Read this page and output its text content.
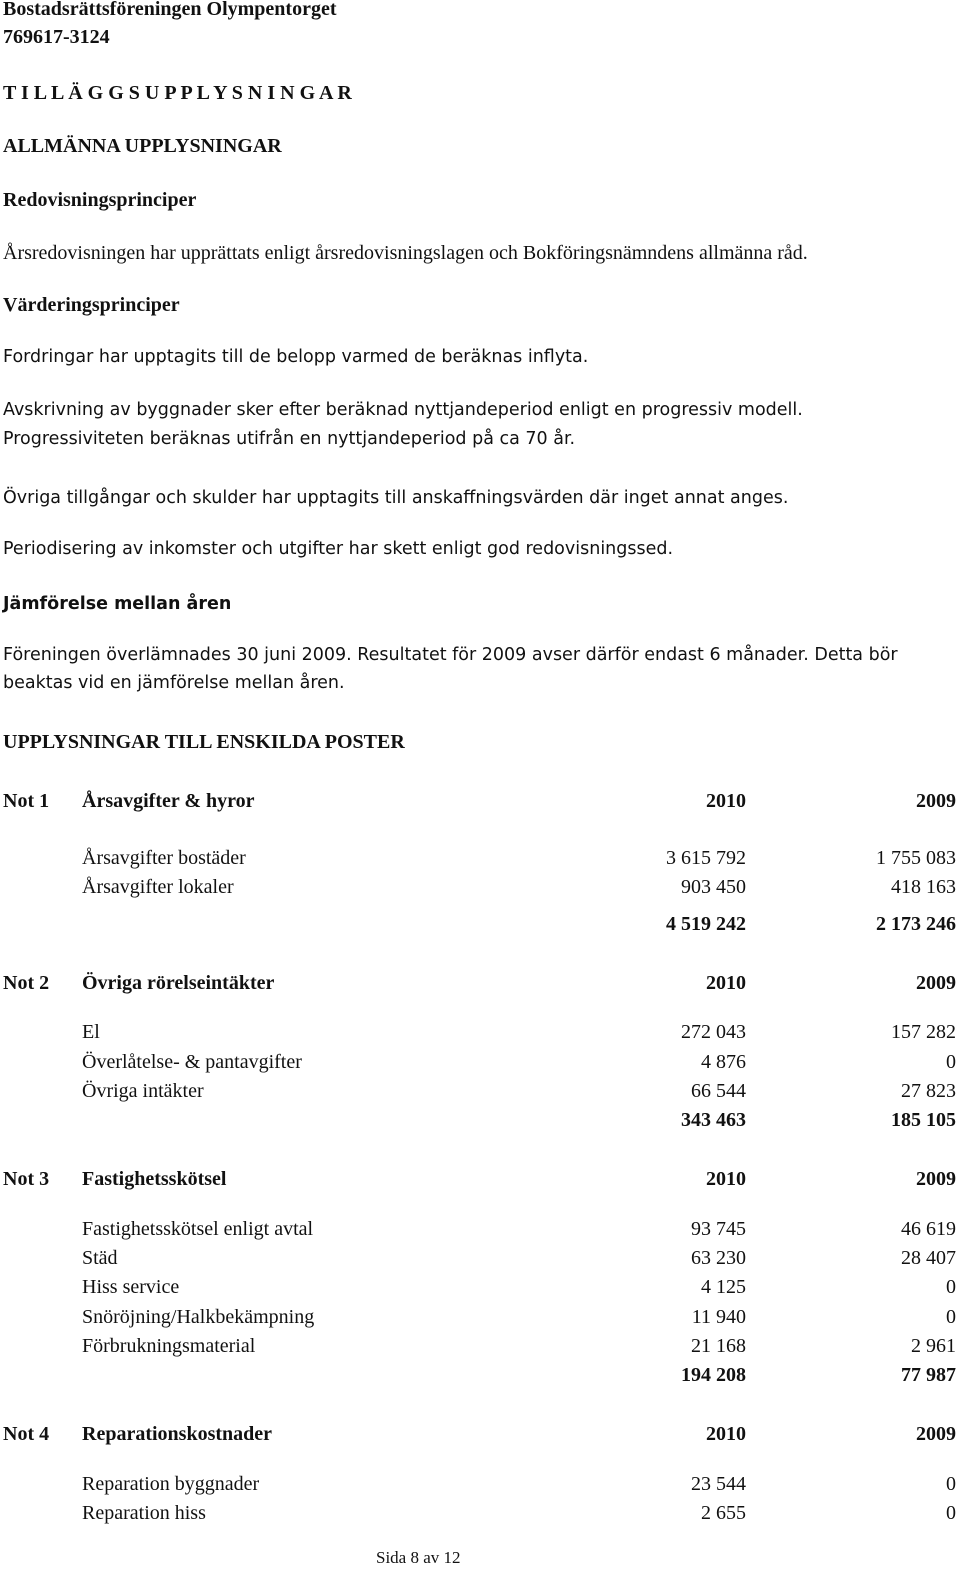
Bostadsrättsföreningen Olympentorget
769617-3124
T I L L Ä G G S U P P L Y S N I N G A R
ALLMÄNNA UPPLYSNINGAR
Redovisningsprinciper
Årsredovisningen har upprättats enligt årsredovisningslagen och Bokföringsnämndens allmänna råd.
Värderingsprinciper
Fordringar har upptagits till de belopp varmed de beräknas inflyta.
Avskrivning av byggnader sker efter beräknad nyttjandeperiod enligt en progressiv modell.
Progressiviteten beräknas utifrån en nyttjandeperiod på ca 70 år.
Övriga tillgångar och skulder har upptagits till anskaffningsvärden där inget annat anges.
Periodisering av inkomster och utgifter har skett enligt god redovisningssed.
Jämförelse mellan åren
Föreningen överlämnades 30 juni 2009. Resultatet för 2009 avser därför endast 6 månader. Detta bör
beaktas vid en jämförelse mellan åren.
UPPLYSNINGAR TILL ENSKILDA POSTER
Not 1 Årsavgifter & hyror	2010	2009
Årsavgifter bostäder	3 615 792	1 755 083
Årsavgifter lokaler	903 450	418 163
4 519 242	2 173 246
Not 2 Övriga rörelseintäkter	2010	2009
El	272 043	157 282
Överlåtelse- & pantavgifter	4 876	0
Övriga intäkter	66 544	27 823
343 463	185 105
Not 3 Fastighetsskötsel	2010	2009
Fastighetsskötsel enligt avtal	93 745	46 619
Städ	63 230	28 407
Hiss service	4 125	0
Snöröjning/Halkbekämpning	11 940	0
Förbrukningsmaterial	21 168	2 961
194 208	77 987
Not 4 Reparationskostnader	2010	2009
Reparation byggnader	23 544	0
Reparation hiss	2 655	0
Sida 8 av 12
